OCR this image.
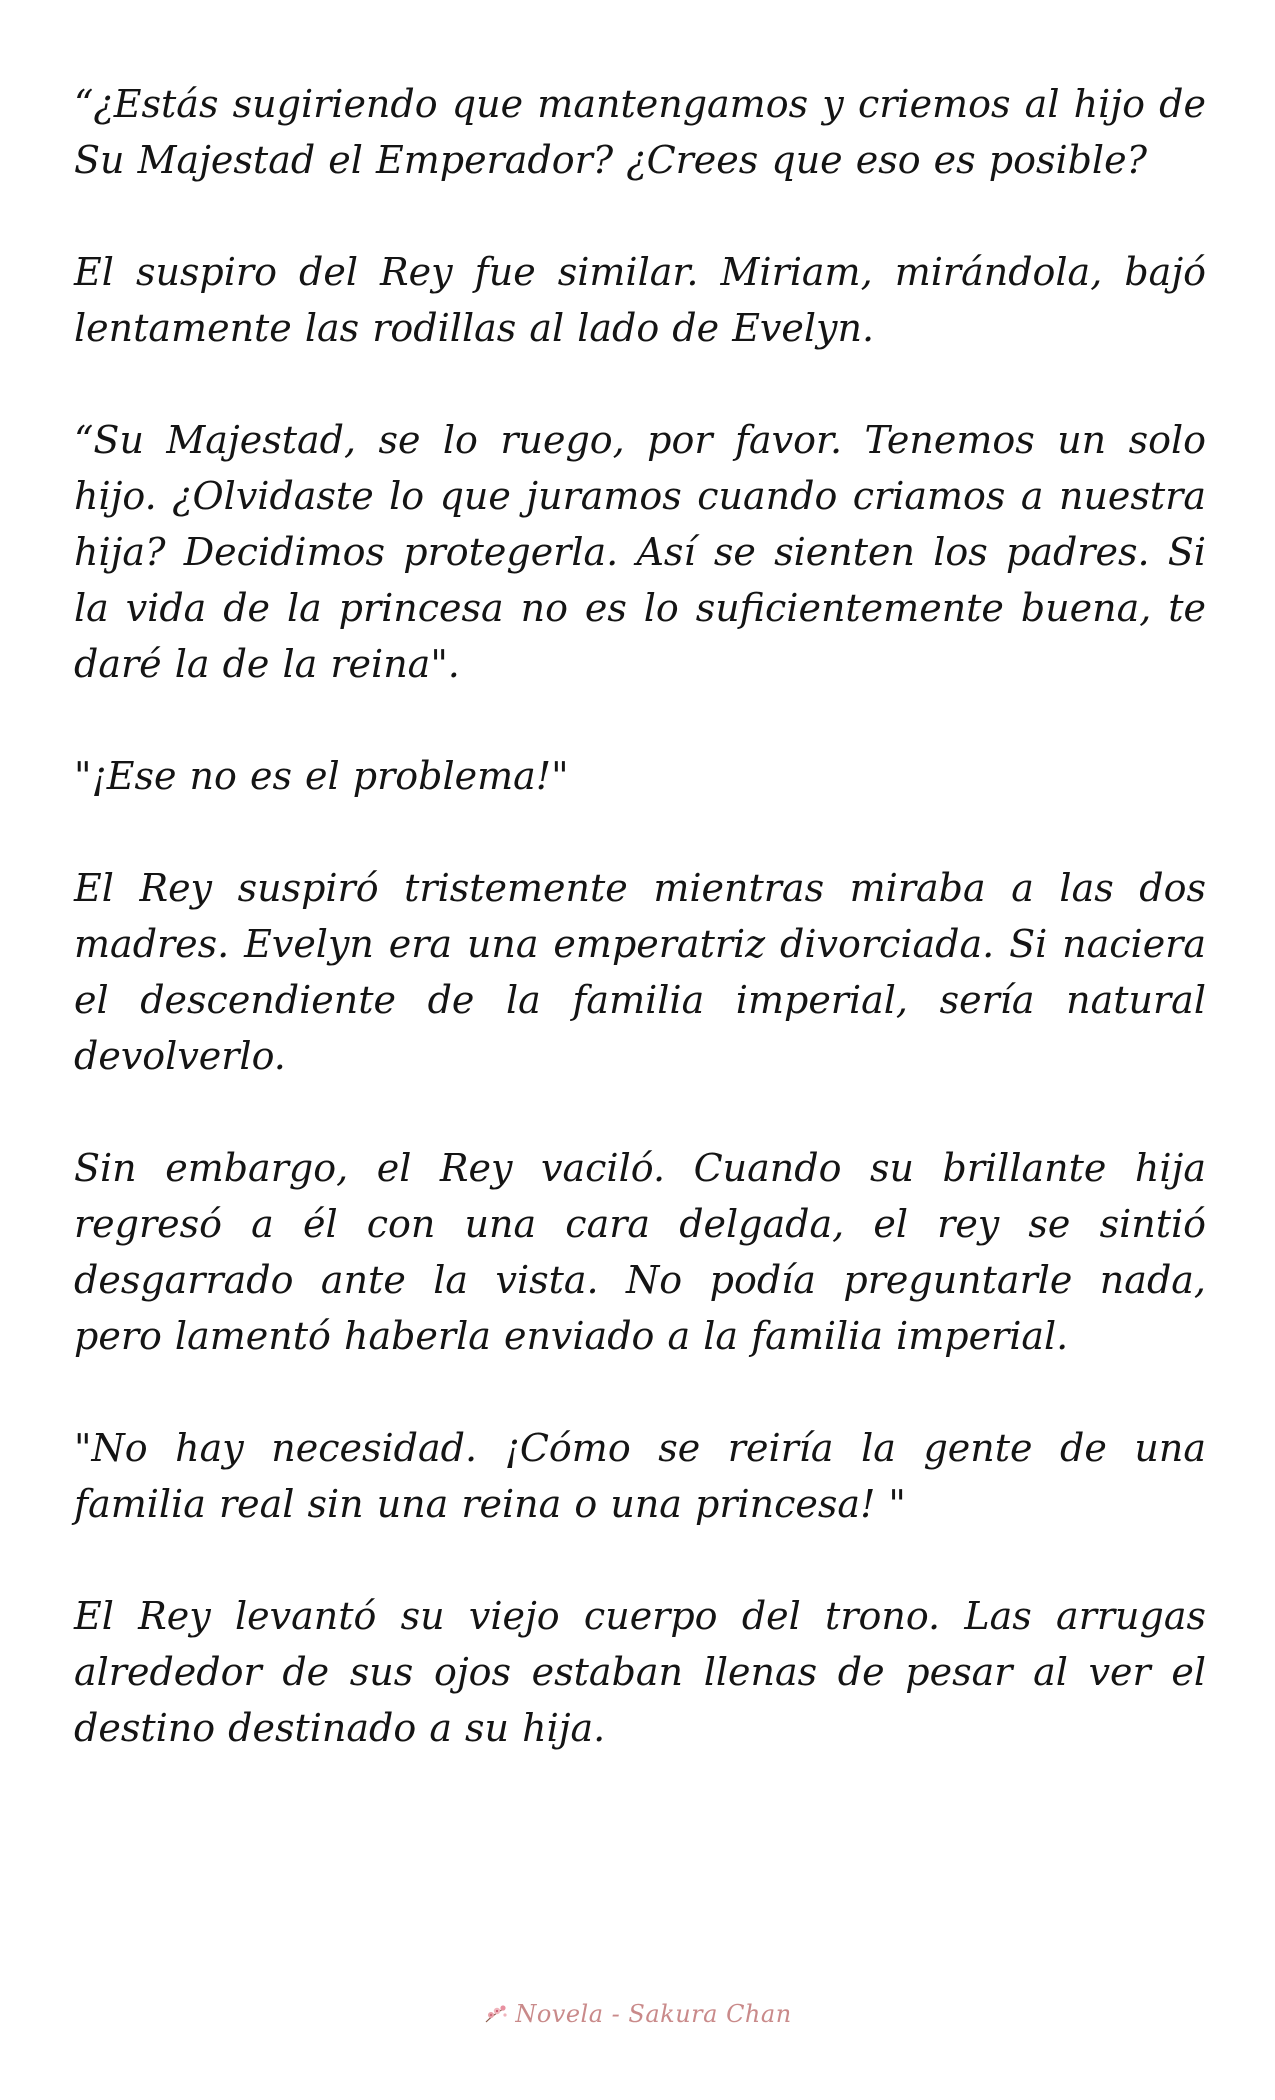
“¿Estás sugiriendo que mantengamos y criemos al hijo de Su Majestad el Emperador? ¿Crees que eso es posible?

El suspiro del Rey fue similar. Miriam, mirándola, bajó lentamente las rodillas al lado de Evelyn.

“Su Majestad, se lo ruego, por favor. Tenemos un solo hijo. ¿Olvidaste lo que juramos cuando criamos a nuestra hija? Decidimos protegerla. Así se sienten los padres. Si la vida de la princesa no es lo suficientemente buena, te daré la de la reina".

"¡Ese no es el problema!"

El Rey suspiró tristemente mientras miraba a las dos madres. Evelyn era una emperatriz divorciada. Si naciera el descendiente de la familia imperial, sería natural devolverlo.

Sin embargo, el Rey vaciló. Cuando su brillante hija regresó a él con una cara delgada, el rey se sintió desgarrado ante la vista. No podía preguntarle nada, pero lamentó haberla enviado a la familia imperial.

"No hay necesidad. ¡Cómo se reiría la gente de una familia real sin una reina o una princesa! "

El Rey levantó su viejo cuerpo del trono. Las arrugas alrededor de sus ojos estaban llenas de pesar al ver el destino destinado a su hija.

Novela - Sakura Chan
